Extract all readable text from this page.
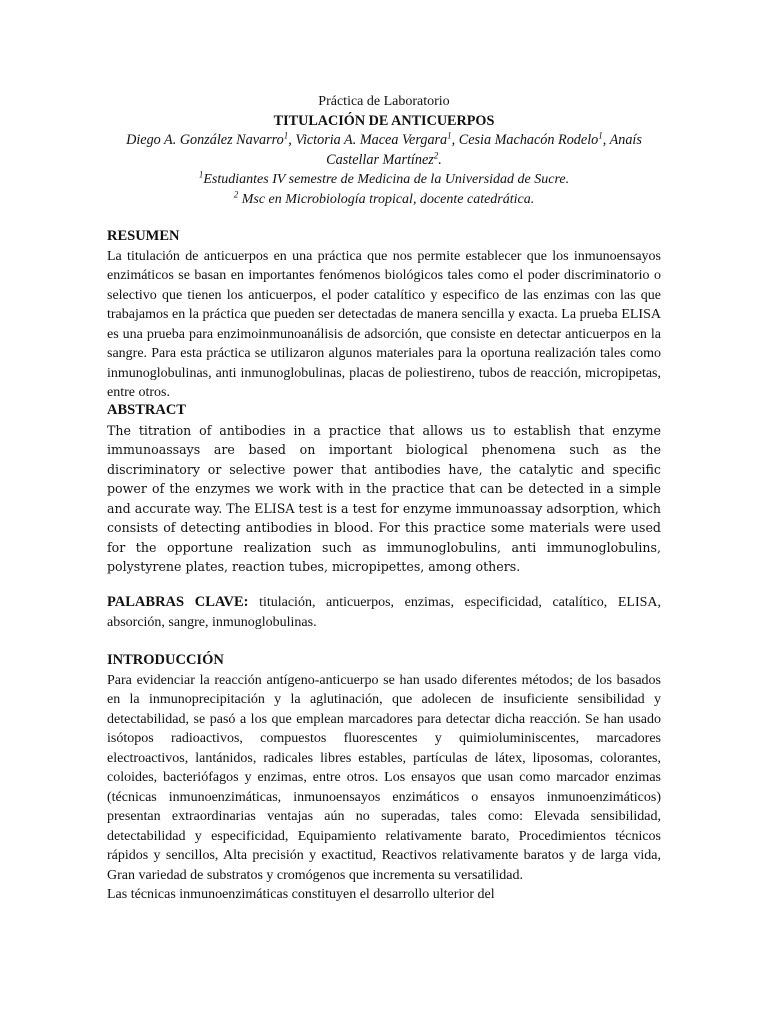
Práctica de Laboratorio
TITULACIÓN DE ANTICUERPOS
Diego A. González Navarro$^1$, Victoria A. Macea Vergara$^1$, Cesia Machacón Rodelo$^1$, Anaís Castellar Martínez$^2$.
$^1$Estudiantes IV semestre de Medicina de la Universidad de Sucre.
$^2$ Msc en Microbiología tropical, docente catedrática.
RESUMEN

La titulación de anticuerpos en una práctica que nos permite establecer que los inmunoensayos enzimáticos se basan en importantes fenómenos biológicos tales como el poder discriminatorio o selectivo que tienen los anticuerpos, el poder catalítico y especifico de las enzimas con las que trabajamos en la práctica que pueden ser detectadas de manera sencilla y exacta. La prueba ELISA es una prueba para enzimoinmunoanálisis de adsorción, que consiste en detectar anticuerpos en la sangre. Para esta práctica se utilizaron algunos materiales para la oportuna realización tales como inmunoglobulinas, anti inmunoglobulinas, placas de poliestireno, tubos de reacción, micropipetas, entre otros.

ABSTRACT

The titration of antibodies in a practice that allows us to establish that enzyme immunoassays are based on important biological phenomena such as the discriminatory or selective power that antibodies have, the catalytic and specific power of the enzymes we work with in the practice that can be detected in a simple and accurate way. The ELISA test is a test for enzyme immunoassay adsorption, which consists of detecting antibodies in blood. For this practice some materials were used for the opportune realization such as immunoglobulins, anti immunoglobulins, polystyrene plates, reaction tubes, micropipettes, among others.

PALABRAS CLAVE: titulación, anticuerpos, enzimas, especificidad, catalítico, ELISA, absorción, sangre, inmunoglobulinas.

INTRODUCCIÓN

Para evidenciar la reacción antígeno-anticuerpo se han usado diferentes métodos; de los basados en la inmunoprecipitación y la aglutinación, que adolecen de insuficiente sensibilidad y detectabilidad, se pasó a los que emplean marcadores para detectar dicha reacción. Se han usado isótopos radioactivos, compuestos fluorescentes y quimioluminiscentes, marcadores electroactivos, lantánidos, radicales libres estables, partículas de látex, liposomas, colorantes, coloides, bacteriófagos y enzimas, entre otros. Los ensayos que usan como marcador enzimas (técnicas inmunoenzimáticas, inmunoensayos enzimáticos o ensayos inmunoenzimáticos) presentan extraordinarias ventajas aún no superadas, tales como: Elevada sensibilidad, detectabilidad y especificidad, Equipamiento relativamente barato, Procedimientos técnicos rápidos y sencillos, Alta precisión y exactitud, Reactivos relativamente baratos y de larga vida, Gran variedad de substratos y cromógenos que incrementa su versatilidad.

Las técnicas inmunoenzimáticas constituyen el desarrollo ulterior del
